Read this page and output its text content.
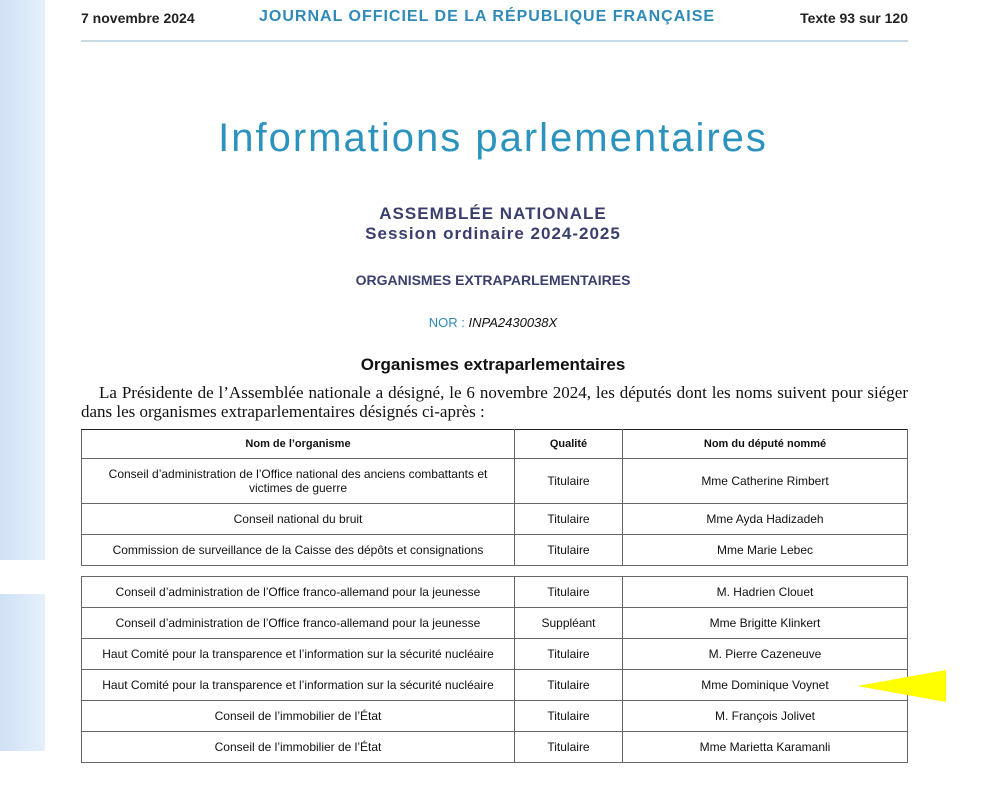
7 novembre 2024	JOURNAL OFFICIEL DE LA RÉPUBLIQUE FRANÇAISE	Texte 93 sur 120
Informations parlementaires
ASSEMBLÉE NATIONALE
Session ordinaire 2024-2025
ORGANISMES EXTRAPARLEMENTAIRES
NOR : INPA2430038X
Organismes extraparlementaires
La Présidente de l’Assemblée nationale a désigné, le 6 novembre 2024, les députés dont les noms suivent pour siéger dans les organismes extraparlementaires désignés ci-après :
Nom de l’organisme	Qualité	Nom du député nommé
Conseil d’administration de l’Office national des anciens combattants et victimes de guerre	Titulaire	Mme Catherine Rimbert
Conseil national du bruit	Titulaire	Mme Ayda Hadizadeh
Commission de surveillance de la Caisse des dépôts et consignations	Titulaire	Mme Marie Lebec
Conseil d’administration de l’Office franco-allemand pour la jeunesse	Titulaire	M. Hadrien Clouet
Conseil d’administration de l’Office franco-allemand pour la jeunesse	Suppléant	Mme Brigitte Klinkert
Haut Comité pour la transparence et l’information sur la sécurité nucléaire	Titulaire	M. Pierre Cazeneuve
Haut Comité pour la transparence et l’information sur la sécurité nucléaire	Titulaire	Mme Dominique Voynet
Conseil de l’immobilier de l’État	Titulaire	M. François Jolivet
Conseil de l’immobilier de l’État	Titulaire	Mme Marietta Karamanli
